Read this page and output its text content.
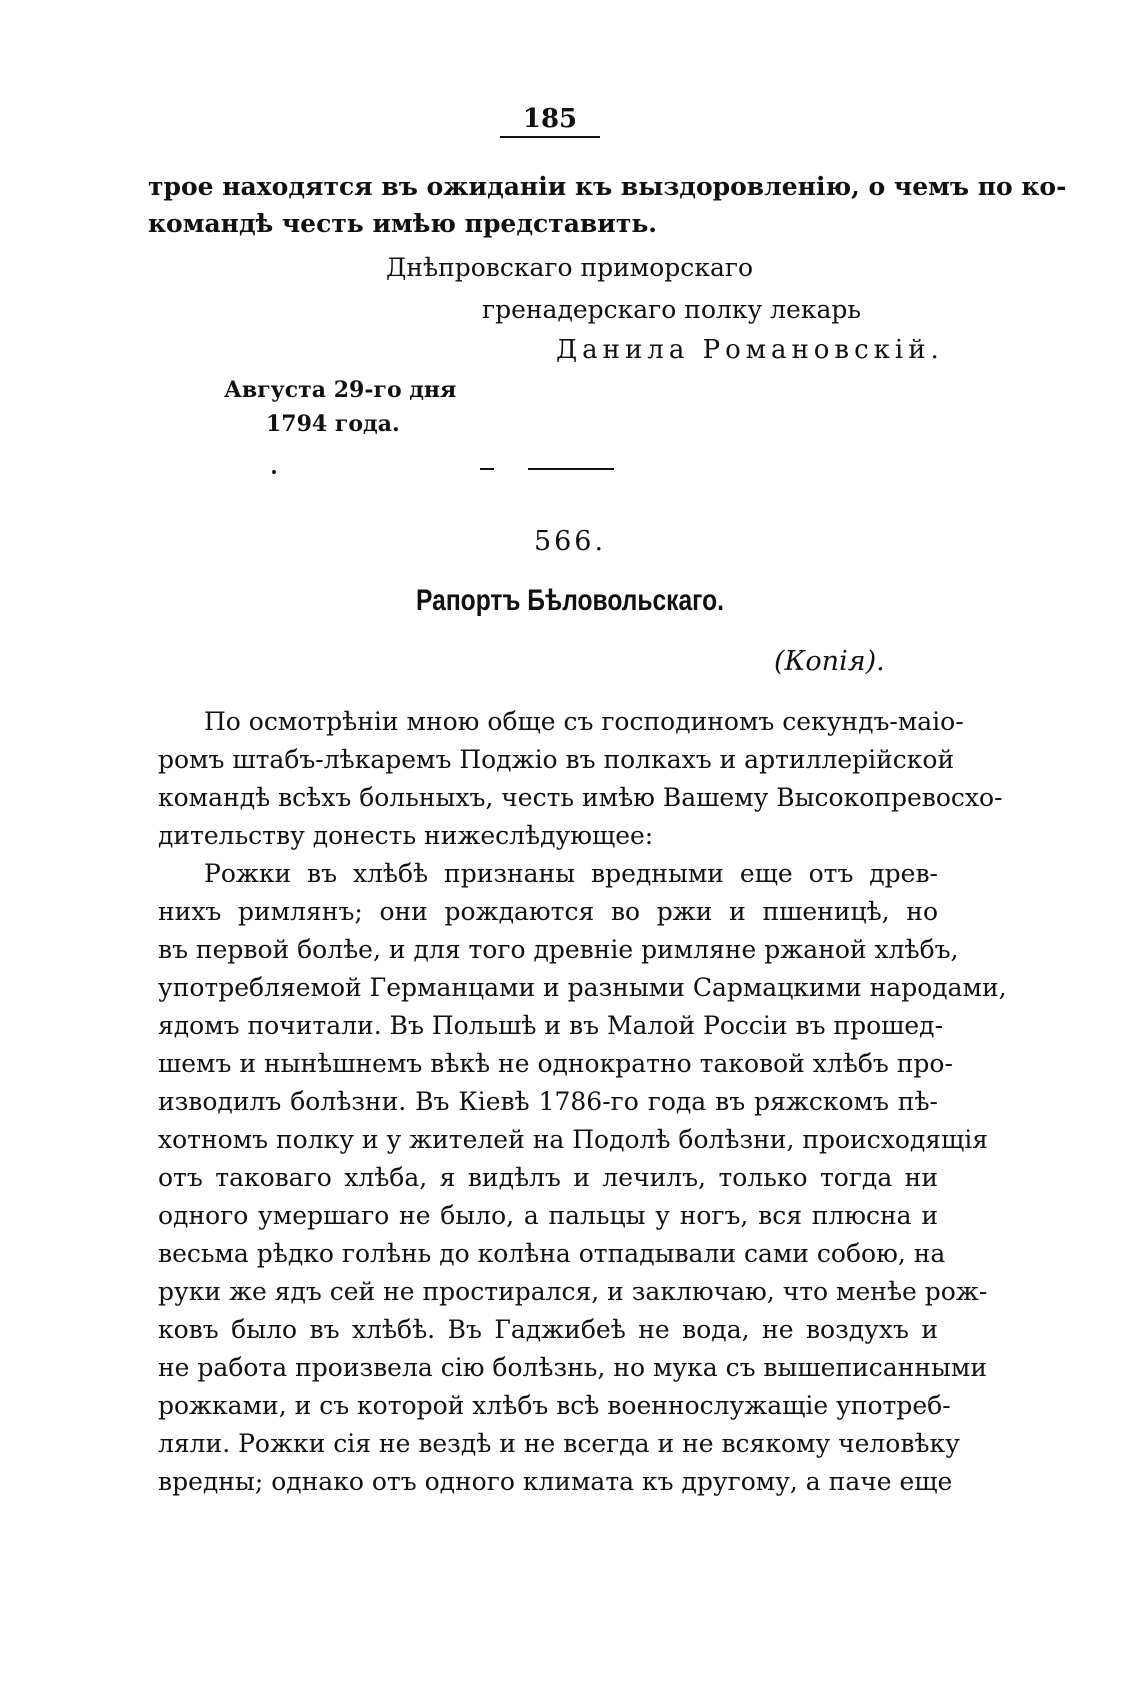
185
трое находятся въ ожиданіи къ выздоровленію, о чемъ по ко-
командѣ честь имѣю представить.
Днѣпровскаго приморскаго
гренадерскаго полку лекарь
Данила Романовскій.
Августа 29-го дня
1794 года.
566.
Рапортъ Бѣловольскаго.
(Копія).
По осмотрѣніи мною обще съ господиномъ секундъ-маіо-
ромъ штабъ-лѣкаремъ Поджіо въ полкахъ и артиллерійской
командѣ всѣхъ больныхъ, честь имѣю Вашему Высокопревосхо-
дительству донесть нижеслѣдующее:
Рожки въ хлѣбѣ признаны вредными еще отъ древ-
нихъ римлянъ; они рождаются во ржи и пшеницѣ, но
въ первой болѣе, и для того древніе римляне ржаной хлѣбъ,
употребляемой Германцами и разными Сармацкими народами,
ядомъ почитали. Въ Польшѣ и въ Малой Россіи въ прошед-
шемъ и нынѣшнемъ вѣкѣ не однократно таковой хлѣбъ про-
изводилъ болѣзни. Въ Кіевѣ 1786-го года въ ряжскомъ пѣ-
хотномъ полку и у жителей на Подолѣ болѣзни, происходящія
отъ таковаго хлѣба, я видѣлъ и лечилъ, только тогда ни
одного умершаго не было, а пальцы у ногъ, вся плюсна и
весьма рѣдко голѣнь до колѣна отпадывали сами собою, на
руки же ядъ сей не простирался, и заключаю, что менѣе рож-
ковъ было въ хлѣбѣ. Въ Гаджибеѣ не вода, не воздухъ и
не работа произвела сію болѣзнь, но мука съ вышеписанными
рожками, и съ которой хлѣбъ всѣ военнослужащіе употреб-
ляли. Рожки сія не вездѣ и не всегда и не всякому человѣку
вредны; однако отъ одного климата къ другому, а паче еще
